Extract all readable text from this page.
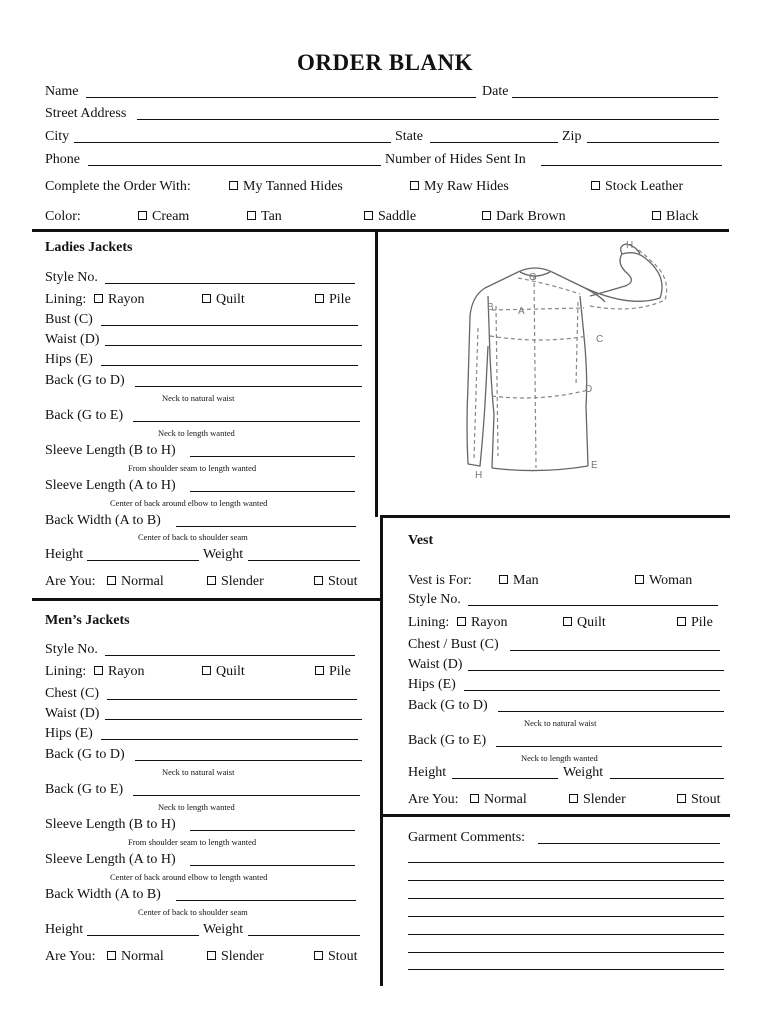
ORDER BLANK
Name	Date
Street Address
City	State	Zip
Phone	Number of Hides Sent In
Complete the Order With:	My Tanned Hides	My Raw Hides	Stock Leather
Color:	Cream	Tan	Saddle	Dark Brown	Black
Ladies Jackets
Style No.
Lining:	Rayon	Quilt	Pile
Bust (C)
Waist (D)
Hips (E)
Back (G to D)
Neck to natural waist
Back (G to E)
Neck to length wanted
Sleeve Length (B to H)
From shoulder seam to length wanted
Sleeve Length (A to H)
Center of back around elbow to length wanted
Back Width (A to B)
Center of back to shoulder seam
Height	Weight
Are You:	Normal	Slender	Stout
Men’s Jackets
Style No.
Lining:	Rayon	Quilt	Pile
Chest (C)
Waist (D)
Hips (E)
Back (G to D)
Neck to natural waist
Back (G to E)
Neck to length wanted
Sleeve Length (B to H)
From shoulder seam to length wanted
Sleeve Length (A to H)
Center of back around elbow to length wanted
Back Width (A to B)
Center of back to shoulder seam
Height	Weight
Are You:	Normal	Slender	Stout
H
G
B A
C
D
E
H
Vest
Vest is For:	Man	Woman
Style No.
Lining:	Rayon	Quilt	Pile
Chest / Bust (C)
Waist (D)
Hips (E)
Back (G to D)
Neck to natural waist
Back (G to E)
Neck to length wanted
Height	Weight
Are You:	Normal	Slender	Stout
Garment Comments:
